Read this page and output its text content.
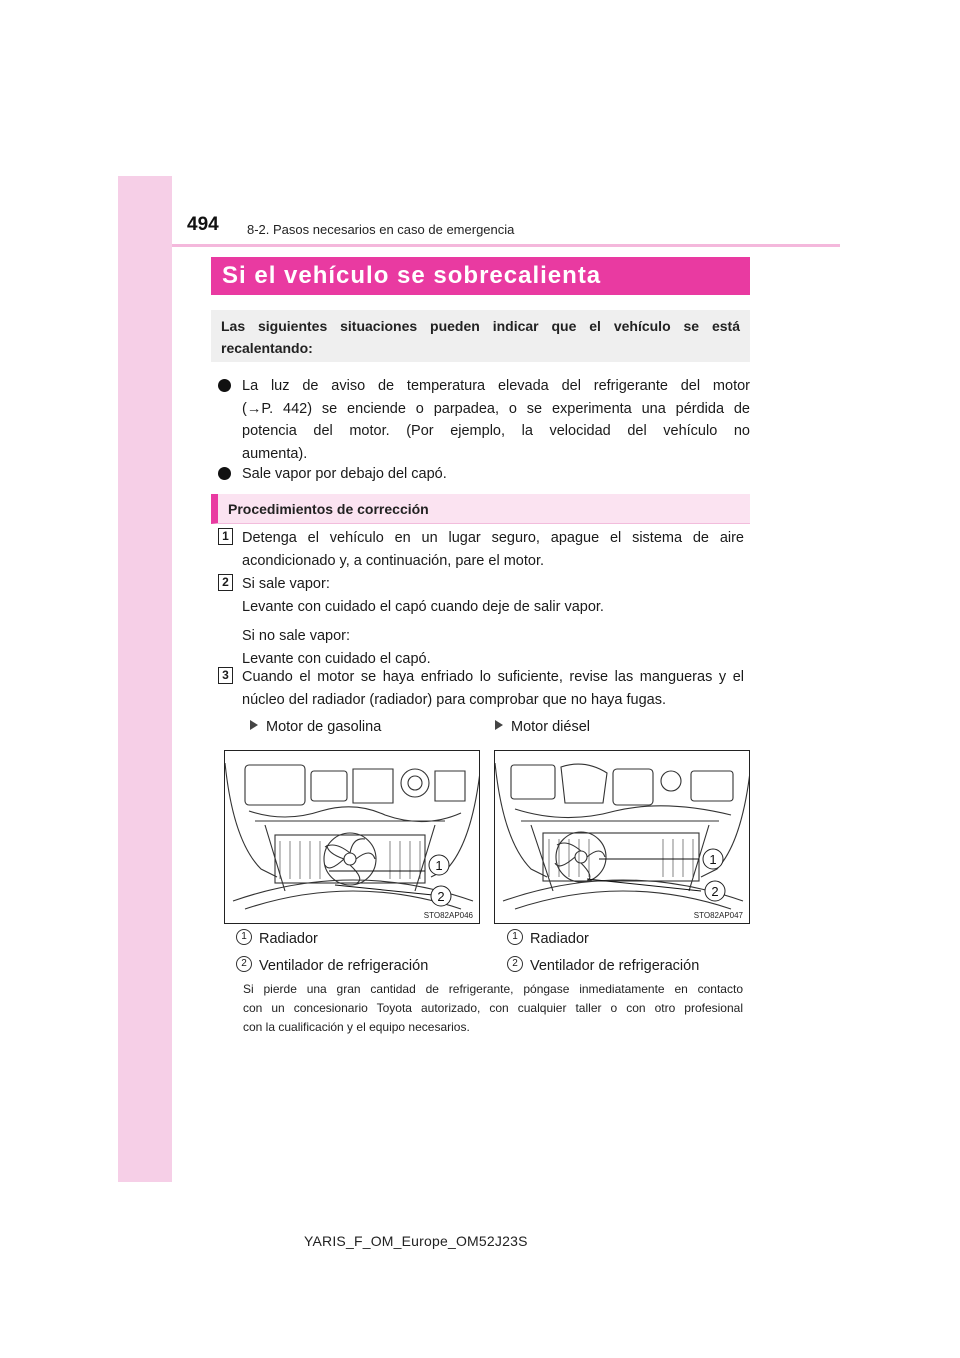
494 8-2. Pasos necesarios en caso de emergencia
Si el vehículo se sobrecalienta
Las siguientes situaciones pueden indicar que el vehículo se está
recalentando:
La luz de aviso de temperatura elevada del refrigerante del motor
(→P. 442) se enciende o parpadea, o se experimenta una pérdida de
potencia del motor. (Por ejemplo, la velocidad del vehículo no
aumenta).
Sale vapor por debajo del capó.
Procedimientos de corrección
1 Detenga el vehículo en un lugar seguro, apague el sistema de aire
acondicionado y, a continuación, pare el motor.
2 Si sale vapor:
Levante con cuidado el capó cuando deje de salir vapor.
Si no sale vapor:
Levante con cuidado el capó.
3 Cuando el motor se haya enfriado lo suficiente, revise las mangueras y el
núcleo del radiador (radiador) para comprobar que no haya fugas.
Motor de gasolina	Motor diésel
1
2
STO82AP046
1
2
STO82AP047
1 Radiador
2 Ventilador de refrigeración
1 Radiador
2 Ventilador de refrigeración
Si pierde una gran cantidad de refrigerante, póngase inmediatamente en contacto
con un concesionario Toyota autorizado, con cualquier taller o con otro profesional
con la cualificación y el equipo necesarios.
YARIS_F_OM_Europe_OM52J23S
